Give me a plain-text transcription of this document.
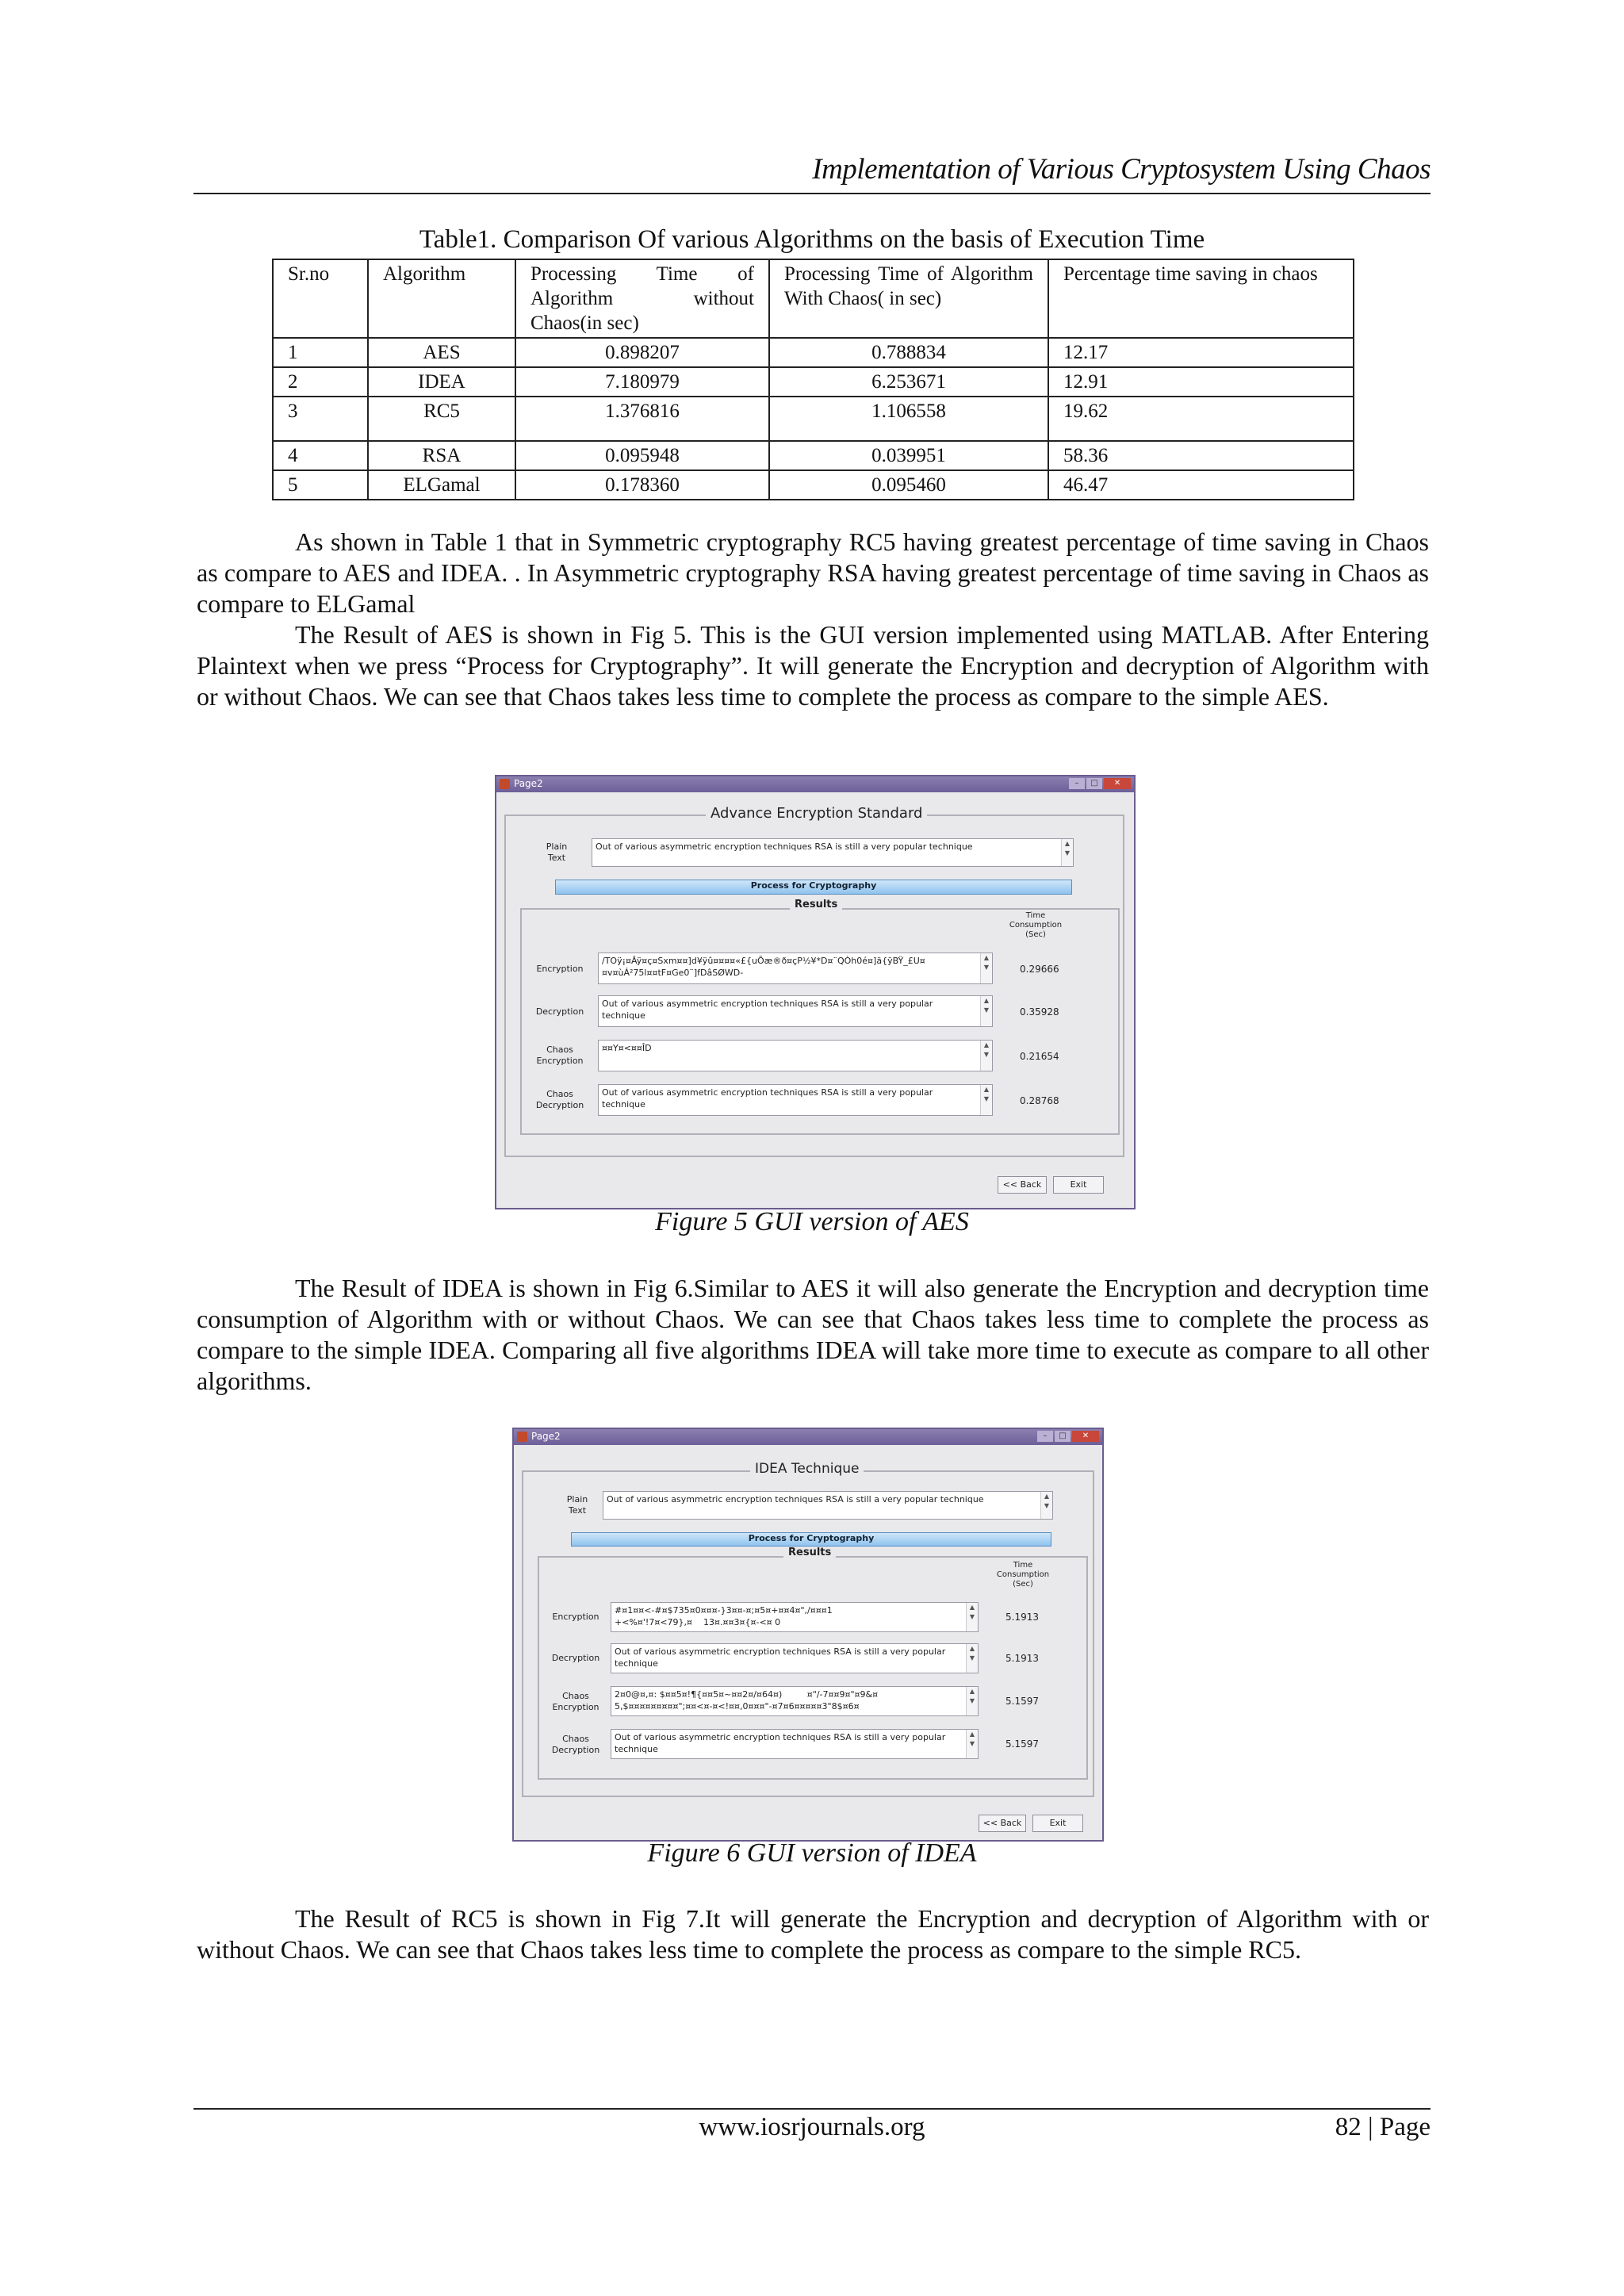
Implementation of Various Cryptosystem Using Chaos
Table1. Comparison Of various Algorithms on the basis of Execution Time
Sr.no	Algorithm	Processing Time of Algorithm without Chaos(in sec)	Processing Time of Algorithm With Chaos( in sec)	Percentage time saving in chaos
1	AES	0.898207	0.788834	12.17
2	IDEA	7.180979	6.253671	12.91
3	RC5	1.376816	1.106558	19.62
4	RSA	0.095948	0.039951	58.36
5	ELGamal	0.178360	0.095460	46.47
As shown in Table 1 that in Symmetric cryptography RC5 having greatest percentage of time saving in Chaos as compare to AES and IDEA. . In Asymmetric cryptography RSA having greatest percentage of time saving in Chaos as compare to ELGamal
The Result of AES is shown in Fig 5. This is the GUI version implemented using MATLAB. After Entering Plaintext when we press “Process for Cryptography”. It will generate the Encryption and decryption of Algorithm with or without Chaos. We can see that Chaos takes less time to complete the process as compare to the simple AES.
Page2	–	□	✕
Advance Encryption Standard
Plain
Text
Out of various asymmetric encryption techniques RSA is still a very popular technique	▲
▼
Process for Cryptography
Results
Time
Consumption
(Sec)
Encryption
/TOÿ¡¤Âÿ¤ç¤Sxm¤¤]d¥ÿû¤¤¤¤«£{uÕæ®ð¤çP½¥*D¤¨QÒh0é¤]ä{ÿBŸ_£U¤
¤v¤ùÁ²75l¤¤tF¤Ge0¨]fDâSØWD-
▲
▼	0.29666
Decryption
Out of various asymmetric encryption techniques RSA is still a very popular
technique
▲
▼	0.35928
Chaos
Encryption
¤¤Y¤<¤¤ÎD	▲
▼	0.21654
Chaos
Decryption
Out of various asymmetric encryption techniques RSA is still a very popular
technique
▲
▼	0.28768
<< Back	Exit
Figure 5 GUI version of AES
The Result of IDEA is shown in Fig 6.Similar to AES it will also generate the Encryption and decryption time consumption of Algorithm with or without Chaos. We can see that Chaos takes less time to complete the process as compare to the simple IDEA. Comparing all five algorithms IDEA will take more time to execute as compare to all other algorithms.
Page2	–	□	✕
IDEA Technique
Plain
Text
Out of various asymmetric encryption techniques RSA is still a very popular technique	▲
▼
Process for Cryptography
Results
Time
Consumption
(Sec)
Encryption
#¤1¤¤<-#¤$735¤0¤¤¤-}3¤¤-¤;¤5¤+¤¤4¤",/¤¤¤1
+<%¤'!7¤<79},¤    13¤.¤¤3¤{¤-<¤ 0
▲
▼	5.1913
Decryption
Out of various asymmetric encryption techniques RSA is still a very popular
technique
▲
▼	5.1913
Chaos
Encryption
2¤0@¤,¤: $¤¤5¤!¶{¤¤5¤~¤¤2¤/¤64¤)         ¤"/-7¤¤9¤"¤9&¤
5,$¤¤¤¤¤¤¤¤¤";¤¤<¤-¤<!¤¤,0¤¤¤"-¤7¤6¤¤¤¤¤3"8$¤6¤
▲
▼	5.1597
Chaos
Decryption
Out of various asymmetric encryption techniques RSA is still a very popular
technique
▲
▼	5.1597
<< Back	Exit
Figure 6 GUI version of IDEA
The Result of RC5 is shown in Fig 7.It will generate the Encryption and decryption of Algorithm with or without Chaos. We can see that Chaos takes less time to complete the process as compare to the simple RC5.
www.iosrjournals.org	82 | Page
